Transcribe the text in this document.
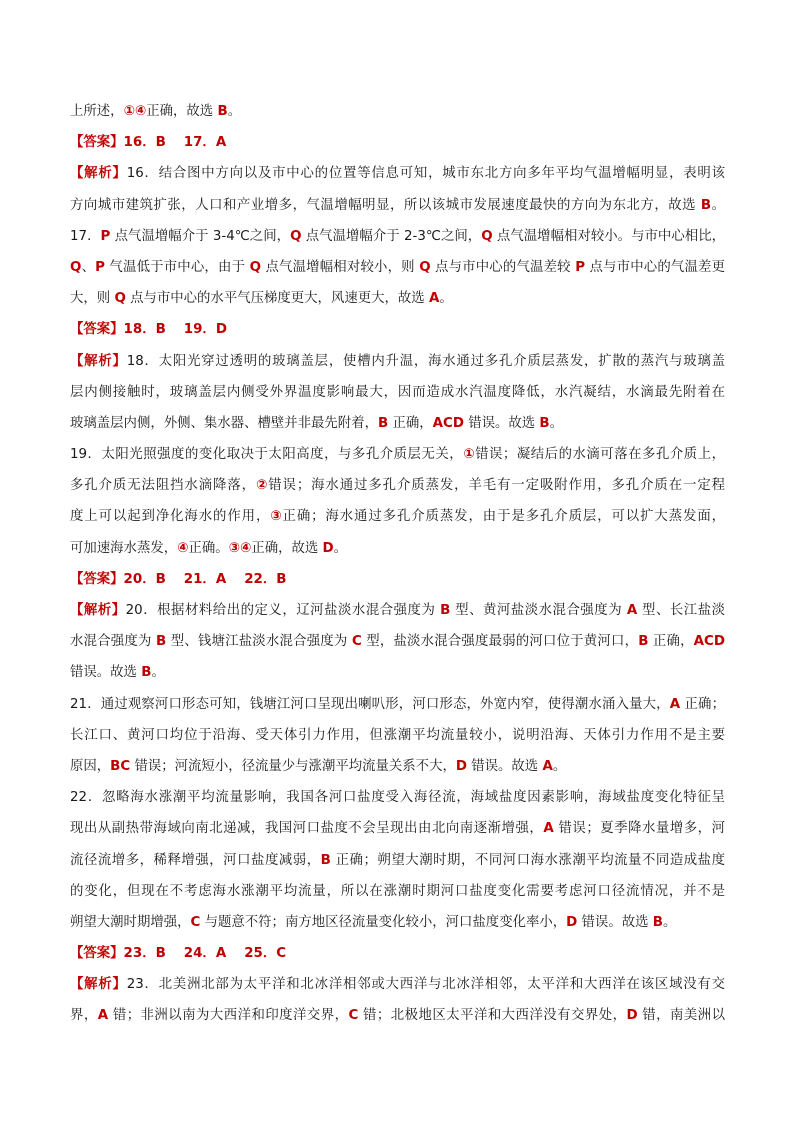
上所述，①④正确，故选 B。
【答案】16．B 17．A
【解析】16．结合图中方向以及市中心的位置等信息可知，城市东北方向多年平均气温增幅明显，表明该
方向城市建筑扩张，人口和产业增多，气温增幅明显，所以该城市发展速度最快的方向为东北方，故选 B。
17．P 点气温增幅介于 3-4℃之间，Q 点气温增幅介于 2-3℃之间，Q 点气温增幅相对较小。与市中心相比，
Q、P 气温低于市中心，由于 Q 点气温增幅相对较小，则 Q 点与市中心的气温差较 P 点与市中心的气温差更
大，则 Q 点与市中心的水平气压梯度更大，风速更大，故选 A。
【答案】18．B 19．D
【解析】18．太阳光穿过透明的玻璃盖层，使槽内升温，海水通过多孔介质层蒸发，扩散的蒸汽与玻璃盖
层内侧接触时，玻璃盖层内侧受外界温度影响最大，因而造成水汽温度降低，水汽凝结，水滴最先附着在
玻璃盖层内侧，外侧、集水器、槽壁并非最先附着，B 正确，ACD 错误。故选 B。
19．太阳光照强度的变化取决于太阳高度，与多孔介质层无关，①错误；凝结后的水滴可落在多孔介质上，
多孔介质无法阻挡水滴降落，②错误；海水通过多孔介质蒸发，羊毛有一定吸附作用，多孔介质在一定程
度上可以起到净化海水的作用，③正确；海水通过多孔介质蒸发，由于是多孔介质层，可以扩大蒸发面，
可加速海水蒸发，④正确。③④正确，故选 D。
【答案】20．B 21．A 22．B
【解析】20．根据材料给出的定义，辽河盐淡水混合强度为 B 型、黄河盐淡水混合强度为 A 型、长江盐淡
水混合强度为 B 型、钱塘江盐淡水混合强度为 C 型，盐淡水混合强度最弱的河口位于黄河口，B 正确，ACD
错误。故选 B。
21．通过观察河口形态可知，钱塘江河口呈现出喇叭形，河口形态，外宽内窄，使得潮水涌入量大，A 正确；
长江口、黄河口均位于沿海、受天体引力作用，但涨潮平均流量较小，说明沿海、天体引力作用不是主要
原因，BC 错误；河流短小，径流量少与涨潮平均流量关系不大，D 错误。故选 A。
22．忽略海水涨潮平均流量影响，我国各河口盐度受入海径流，海域盐度因素影响，海域盐度变化特征呈
现出从副热带海域向南北递减，我国河口盐度不会呈现出由北向南逐渐增强，A 错误；夏季降水量增多，河
流径流增多，稀释增强，河口盐度减弱，B 正确；朔望大潮时期，不同河口海水涨潮平均流量不同造成盐度
的变化，但现在不考虑海水涨潮平均流量，所以在涨潮时期河口盐度变化需要考虑河口径流情况，并不是
朔望大潮时期增强，C 与题意不符；南方地区径流量变化较小，河口盐度变化率小，D 错误。故选 B。
【答案】23．B 24．A 25．C
【解析】23．北美洲北部为太平洋和北冰洋相邻或大西洋与北冰洋相邻，太平洋和大西洋在该区域没有交
界，A 错；非洲以南为大西洋和印度洋交界，C 错；北极地区太平洋和大西洋没有交界处，D 错，南美洲以
